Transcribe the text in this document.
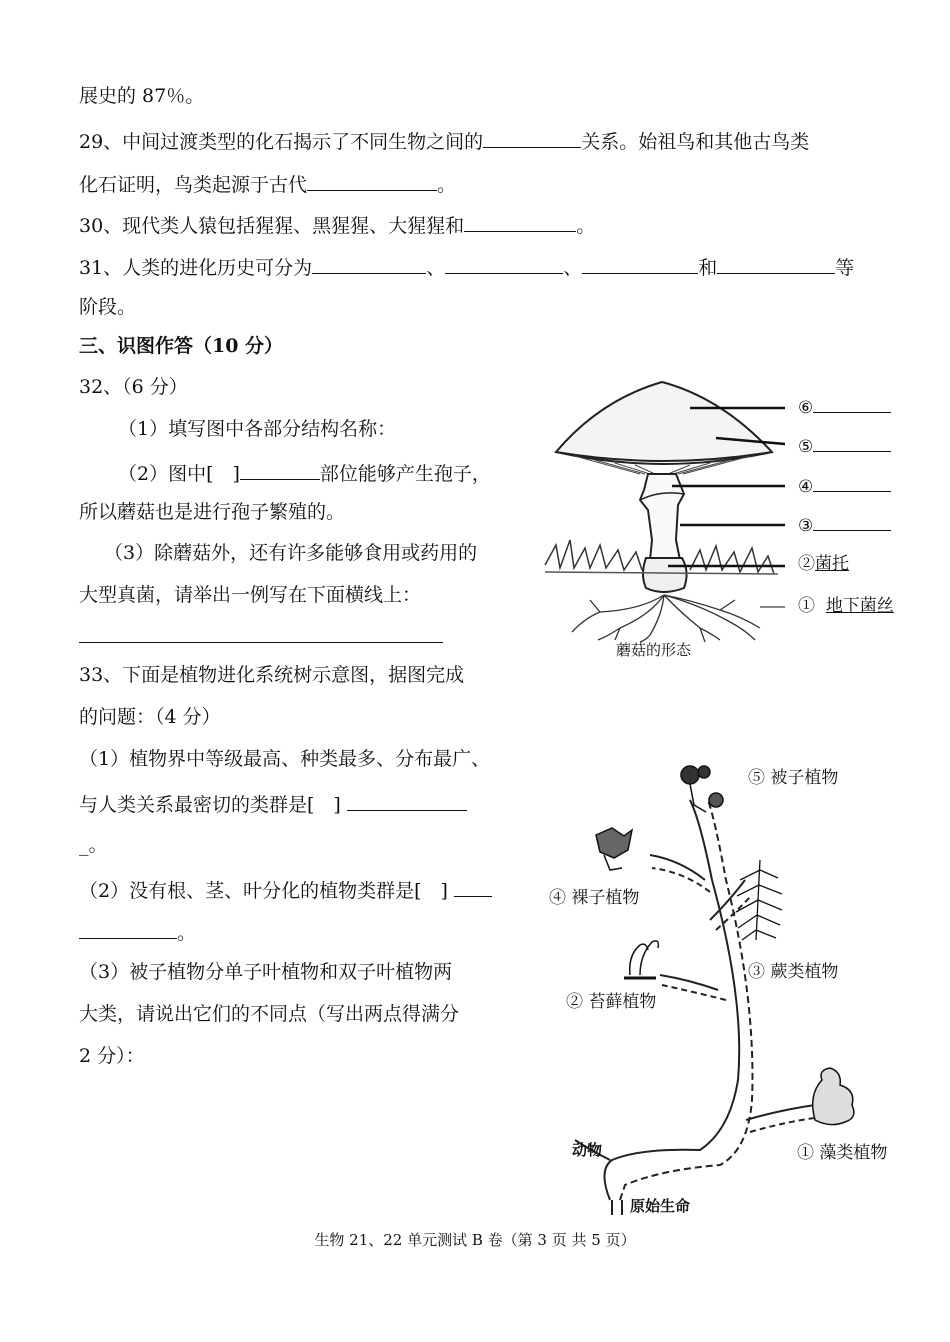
展史的 87％。
29、中间过渡类型的化石揭示了不同生物之间的	关系。始祖鸟和其他古鸟类
化石证明，鸟类起源于古代	。
30、现代类人猿包括猩猩、黑猩猩、大猩猩和	。
31、人类的进化历史可分为	、	、	和	等
阶段。
三、识图作答（10 分）
32、（6 分）
（1）填写图中各部分结构名称：
（2）图中[　]	部位能够产生孢子，
所以蘑菇也是进行孢子繁殖的。
（3）除蘑菇外，还有许多能够食用或药用的
大型真菌，请举出一例写在下面横线上：
33、下面是植物进化系统树示意图，据图完成
的问题：（4 分）
（1）植物界中等级最高、种类最多、分布最广、
与人类关系最密切的类群是[　]
_。
（2）没有根、茎、叶分化的植物类群是[　]
。
（3）被子植物分单子叶植物和双子叶植物两
大类，请说出它们的不同点（写出两点得满分
2 分）：
⑥
⑤
④
③
②菌托
① 地下菌丝
蘑菇的形态
⑤ 被子植物
④ 裸子植物
③ 蕨类植物
② 苔藓植物
① 藻类植物
动物
原始生命
生物 21、22 单元测试 B 卷（第 3 页 共 5 页）
